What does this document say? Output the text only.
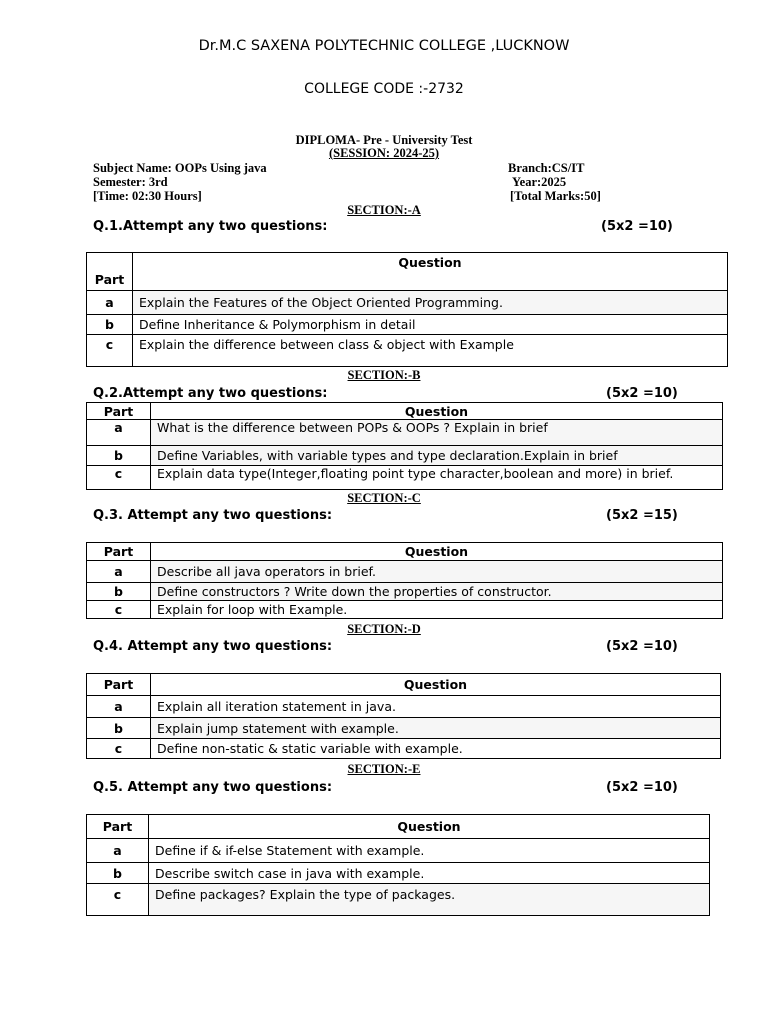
Dr.M.C SAXENA POLYTECHNIC COLLEGE ,LUCKNOW
COLLEGE CODE :-2732
DIPLOMA- Pre - University Test
(SESSION: 2024-25)
Subject Name: OOPs Using java
Semester: 3rd
[Time: 02:30 Hours]
Branch:CS/IT
Year:2025
[Total Marks:50]
SECTION:-A
Q.1.Attempt any two questions:	(5x2 =10)
Part	Question
a	Explain the Features of the Object Oriented Programming.
b	Define Inheritance & Polymorphism in detail
c	Explain the difference between class & object with Example
SECTION:-B
Q.2.Attempt any two questions:	(5x2 =10)
Part	Question
a	What is the difference between POPs & OOPs ? Explain in brief
b	Define Variables, with variable types and type declaration.Explain in brief
c	Explain data type(Integer,floating point type character,boolean and more) in brief.
SECTION:-C
Q.3. Attempt any two questions:	(5x2 =15)
Part	Question
a	Describe all java operators in brief.
b	Define constructors ? Write down the properties of constructor.
c	Explain for loop with Example.
SECTION:-D
Q.4. Attempt any two questions:	(5x2 =10)
Part	Question
a	Explain all iteration statement in java.
b	Explain jump statement with example.
c	Define non-static & static variable with example.
SECTION:-E
Q.5. Attempt any two questions:	(5x2 =10)
Part	Question
a	Define if & if-else Statement with example.
b	Describe switch case in java with example.
c	Define packages? Explain the type of packages.
